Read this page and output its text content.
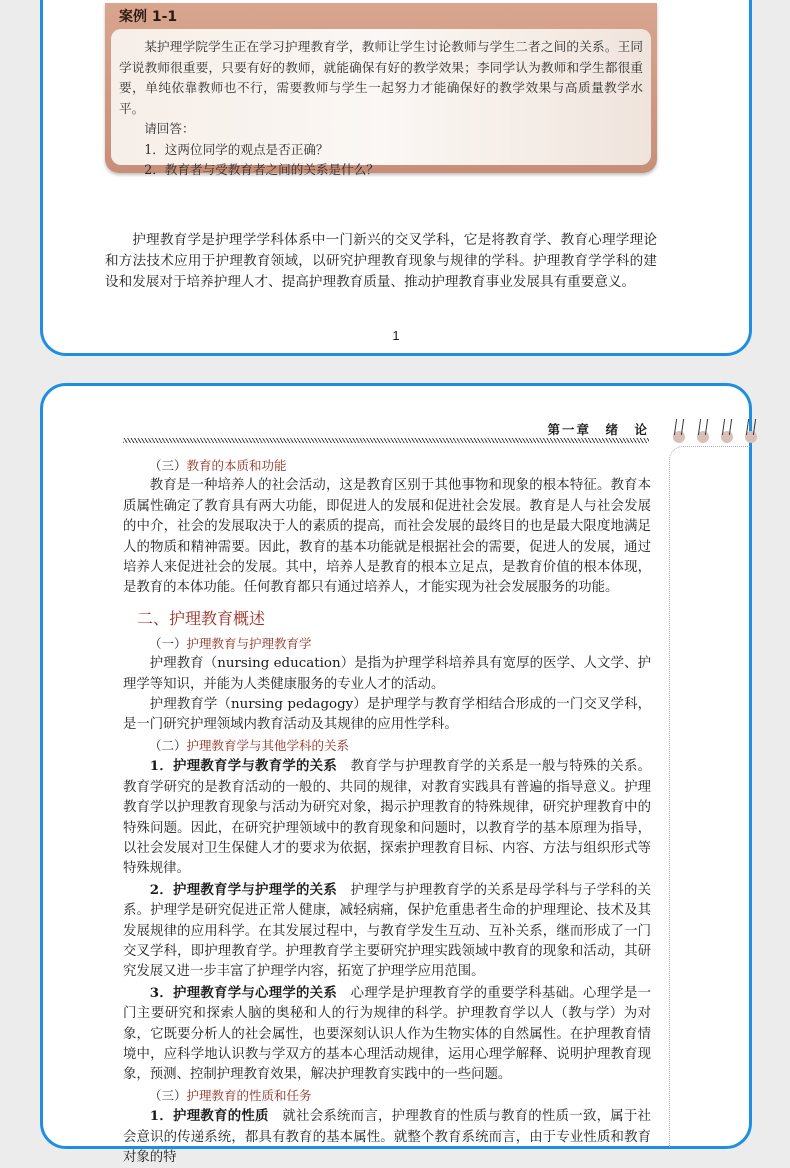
案例 1-1

某护理学院学生正在学习护理教育学，教师让学生讨论教师与学生二者之间的关系。王同学说教师很重要，只要有好的教师，就能确保有好的教学效果；李同学认为教师和学生都很重要，单纯依靠教师也不行，需要教师与学生一起努力才能确保好的教学效果与高质量教学水平。

请回答：

1．这两位同学的观点是否正确？

2．教育者与受教育者之间的关系是什么？

护理教育学是护理学学科体系中一门新兴的交叉学科，它是将教育学、教育心理学理论和方法技术应用于护理教育领域，以研究护理教育现象与规律的学科。护理教育学学科的建设和发展对于培养护理人才、提高护理教育质量、推动护理教育事业发展具有重要意义。

1
第一章　绪　论

（三）教育的本质和功能

教育是一种培养人的社会活动，这是教育区别于其他事物和现象的根本特征。教育本质属性确定了教育具有两大功能，即促进人的发展和促进社会发展。教育是人与社会发展的中介，社会的发展取决于人的素质的提高，而社会发展的最终目的也是最大限度地满足人的物质和精神需要。因此，教育的基本功能就是根据社会的需要，促进人的发展，通过培养人来促进社会的发展。其中，培养人是教育的根本立足点，是教育价值的根本体现，是教育的本体功能。任何教育都只有通过培养人，才能实现为社会发展服务的功能。

二、护理教育概述

（一）护理教育与护理教育学

护理教育（nursing education）是指为护理学科培养具有宽厚的医学、人文学、护理学等知识，并能为人类健康服务的专业人才的活动。

护理教育学（nursing pedagogy）是护理学与教育学相结合形成的一门交叉学科，是一门研究护理领域内教育活动及其规律的应用性学科。

（二）护理教育学与其他学科的关系

1．护理教育学与教育学的关系　教育学与护理教育学的关系是一般与特殊的关系。教育学研究的是教育活动的一般的、共同的规律，对教育实践具有普遍的指导意义。护理教育学以护理教育现象与活动为研究对象，揭示护理教育的特殊规律，研究护理教育中的特殊问题。因此，在研究护理领域中的教育现象和问题时，以教育学的基本原理为指导，以社会发展对卫生保健人才的要求为依据，探索护理教育目标、内容、方法与组织形式等特殊规律。

2．护理教育学与护理学的关系　护理学与护理教育学的关系是母学科与子学科的关系。护理学是研究促进正常人健康，减轻病痛，保护危重患者生命的护理理论、技术及其发展规律的应用科学。在其发展过程中，与教育学发生互动、互补关系，继而形成了一门交叉学科，即护理教育学。护理教育学主要研究护理实践领域中教育的现象和活动，其研究发展又进一步丰富了护理学内容，拓宽了护理学应用范围。

3．护理教育学与心理学的关系　心理学是护理教育学的重要学科基础。心理学是一门主要研究和探索人脑的奥秘和人的行为规律的科学。护理教育学以人（教与学）为对象，它既要分析人的社会属性，也要深刻认识人作为生物实体的自然属性。在护理教育情境中，应科学地认识教与学双方的基本心理活动规律，运用心理学解释、说明护理教育现象，预测、控制护理教育效果，解决护理教育实践中的一些问题。

（三）护理教育的性质和任务

1．护理教育的性质　就社会系统而言，护理教育的性质与教育的性质一致，属于社会意识的传递系统，都具有教育的基本属性。就整个教育系统而言，由于专业性质和教育对象的特
